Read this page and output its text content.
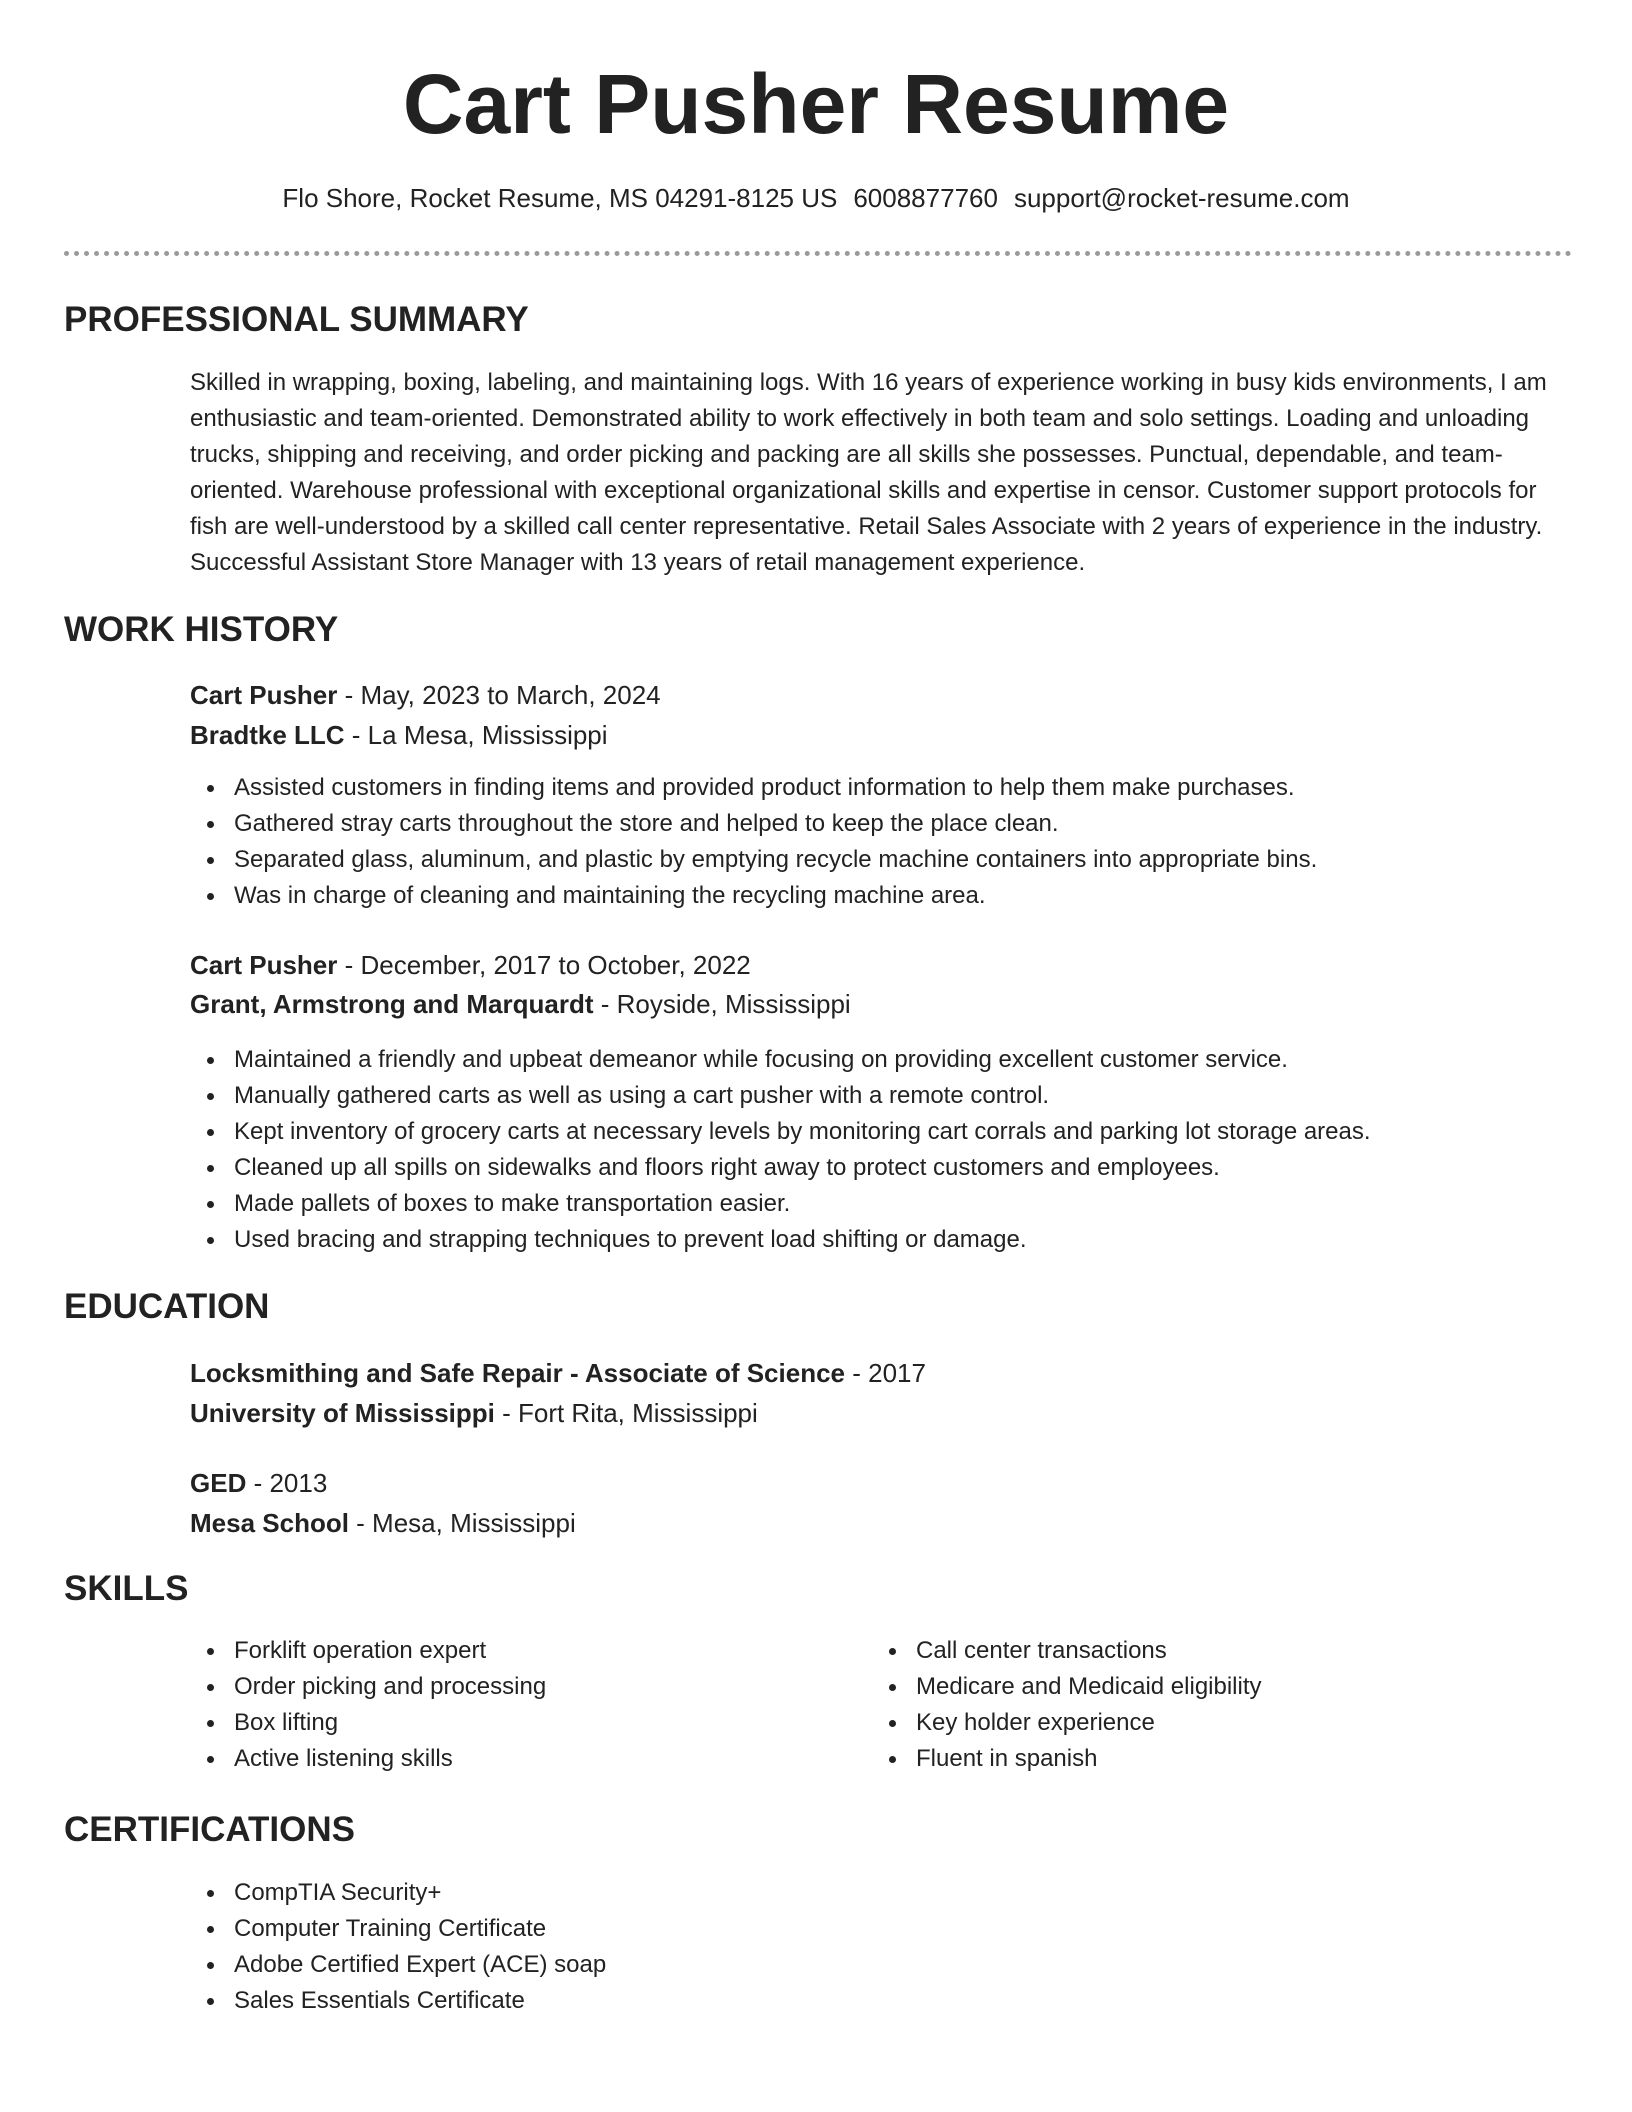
Cart Pusher Resume
Flo Shore, Rocket Resume, MS 04291-8125 US 6008877760 support@rocket-resume.com
PROFESSIONAL SUMMARY

Skilled in wrapping, boxing, labeling, and maintaining logs. With 16 years of experience working in busy kids environments, I am enthusiastic and team-oriented. Demonstrated ability to work effectively in both team and solo settings. Loading and unloading trucks, shipping and receiving, and order picking and packing are all skills she possesses. Punctual, dependable, and team-oriented. Warehouse professional with exceptional organizational skills and expertise in censor. Customer support protocols for fish are well-understood by a skilled call center representative. Retail Sales Associate with 2 years of experience in the industry. Successful Assistant Store Manager with 13 years of retail management experience.

WORK HISTORY
Cart Pusher - May, 2023 to March, 2024
Bradtke LLC - La Mesa, Mississippi
Assisted customers in finding items and provided product information to help them make purchases.
Gathered stray carts throughout the store and helped to keep the place clean.
Separated glass, aluminum, and plastic by emptying recycle machine containers into appropriate bins.
Was in charge of cleaning and maintaining the recycling machine area.
Cart Pusher - December, 2017 to October, 2022
Grant, Armstrong and Marquardt - Royside, Mississippi
Maintained a friendly and upbeat demeanor while focusing on providing excellent customer service.
Manually gathered carts as well as using a cart pusher with a remote control.
Kept inventory of grocery carts at necessary levels by monitoring cart corrals and parking lot storage areas.
Cleaned up all spills on sidewalks and floors right away to protect customers and employees.
Made pallets of boxes to make transportation easier.
Used bracing and strapping techniques to prevent load shifting or damage.
EDUCATION
Locksmithing and Safe Repair - Associate of Science - 2017
University of Mississippi - Fort Rita, Mississippi
GED - 2013
Mesa School - Mesa, Mississippi
SKILLS
Forklift operation expert
Order picking and processing
Box lifting
Active listening skills
Call center transactions
Medicare and Medicaid eligibility
Key holder experience
Fluent in spanish
CERTIFICATIONS
CompTIA Security+
Computer Training Certificate
Adobe Certified Expert (ACE) soap
Sales Essentials Certificate
